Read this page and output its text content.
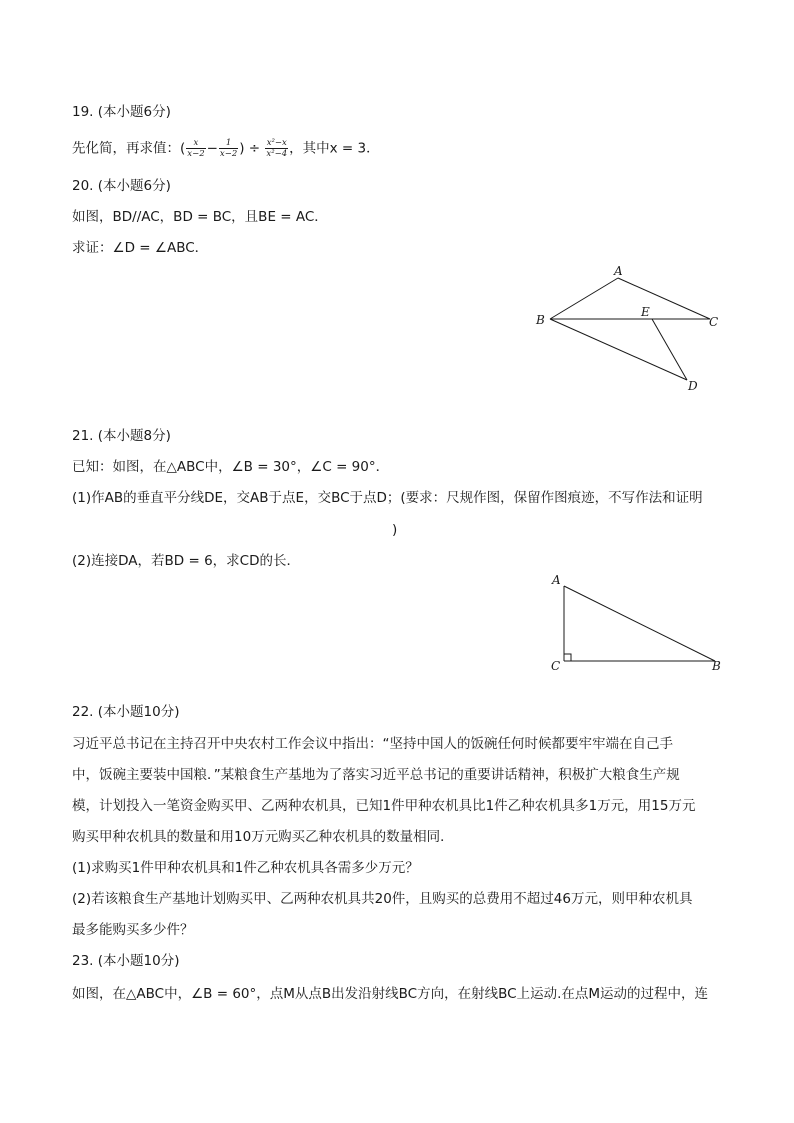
19. (本小题6分)
先化简，再求值：( $\frac{x}{x-2} - \frac{1}{x-2}$ ) ÷ $\frac{\text{x²−x}}{\text{x²−4}}$ ，其中x = 3．
20. (本小题6分)
如图，BD//AC，BD = BC，且BE = AC．
求证：∠D = ∠ABC．
A
B	C
E
D
21. (本小题8分)
已知：如图，在△ABC中，∠B = 30°，∠C = 90°．
(1)作AB的垂直平分线DE，交AB于点E，交BC于点D；(要求：尺规作图，保留作图痕迹，不写作法和证明
)
(2)连接DA，若BD = 6，求CD的长．
A
C	B
22. (本小题10分)
习近平总书记在主持召开中央农村工作会议中指出：“坚持中国人的饭碗任何时候都要牢牢端在自己手
中，饭碗主要装中国粮．”某粮食生产基地为了落实习近平总书记的重要讲话精神，积极扩大粮食生产规
模，计划投入一笔资金购买甲、乙两种农机具，已知1件甲种农机具比1件乙种农机具多1万元，用15万元
购买甲种农机具的数量和用10万元购买乙种农机具的数量相同．
(1)求购买1件甲种农机具和1件乙种农机具各需多少万元？
(2)若该粮食生产基地计划购买甲、乙两种农机具共20件，且购买的总费用不超过46万元，则甲种农机具
最多能购买多少件？
23. (本小题10分)
如图，在△ABC中，∠B = 60°，点M从点B出发沿射线BC方向，在射线BC上运动.在点M运动的过程中，连
